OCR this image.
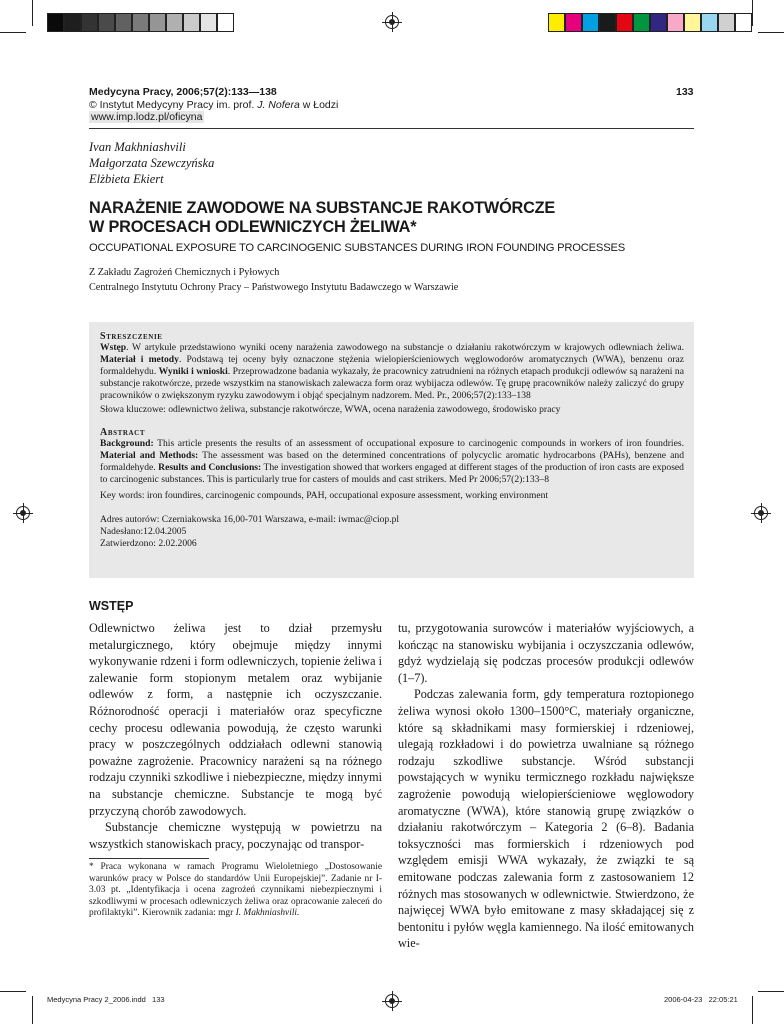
Medycyna Pracy, 2006;57(2):133—138	133
© Instytut Medycyny Pracy im. prof. J. Nofera w Łodzi
www.imp.lodz.pl/oficyna
Ivan Makhniashvili
Małgorzata Szewczyńska
Elżbieta Ekiert
NARAŻENIE ZAWODOWE NA SUBSTANCJE RAKOTWÓRCZE
W PROCESACH ODLEWNICZYCH ŻELIWA*
OCCUPATIONAL EXPOSURE TO CARCINOGENIC SUBSTANCES DURING IRON FOUNDING PROCESSES
Z Zakładu Zagrożeń Chemicznych i Pyłowych
Centralnego Instytutu Ochrony Pracy – Państwowego Instytutu Badawczego w Warszawie
Streszczenie
Wstęp. W artykule przedstawiono wyniki oceny narażenia zawodowego na substancje o działaniu rakotwórczym w krajowych odlewniach żeliwa. Materiał i metody. Podstawą tej oceny były oznaczone stężenia wielopierścieniowych węglowodorów aromatycznych (WWA), benzenu oraz formaldehydu. Wyniki i wnioski. Przeprowadzone badania wykazały, że pracownicy zatrudnieni na różnych etapach produkcji odlewów są narażeni na substancje rakotwórcze, przede wszystkim na stanowiskach zalewacza form oraz wybijacza odlewów. Tę grupę pracowników należy zaliczyć do grupy pracowników o zwiększonym ryzyku zawodowym i objąć specjalnym nadzorem. Med. Pr., 2006;57(2):133–138
Słowa kluczowe: odlewnictwo żeliwa, substancje rakotwórcze, WWA, ocena narażenia zawodowego, środowisko pracy
Abstract
Background: This article presents the results of an assessment of occupational exposure to carcinogenic compounds in workers of iron foundries. Material and Methods: The assessment was based on the determined concentrations of polycyclic aromatic hydrocarbons (PAHs), benzene and formaldehyde. Results and Conclusions: The investigation showed that workers engaged at different stages of the production of iron casts are exposed to carcinogenic substances. This is particularly true for casters of moulds and cast strikers. Med Pr 2006;57(2):133–8
Key words: iron foundires, carcinogenic compounds, PAH, occupational exposure assessment, working environment
Adres autorów: Czerniakowska 16,00-701 Warszawa, e-mail: iwmac@ciop.pl
Nadesłano:12.04.2005
Zatwierdzono: 2.02.2006
WSTĘP

Odlewnictwo żeliwa jest to dział przemysłu metalurgicznego, który obejmuje między innymi wykonywanie rdzeni i form odlewniczych, topienie żeliwa i zalewanie form stopionym metalem oraz wybijanie odlewów z form, a następnie ich oczyszczanie. Różnorodność operacji i materiałów oraz specyficzne cechy procesu odlewania powodują, że często warunki pracy w poszczególnych oddziałach odlewni stanowią poważne zagrożenie. Pracownicy narażeni są na różnego rodzaju czynniki szkodliwe i niebezpieczne, między innymi na substancje chemiczne. Substancje te mogą być przyczyną chorób zawodowych.

Substancje chemiczne występują w powietrzu na wszystkich stanowiskach pracy, poczynając od transpor-

* Praca wykonana w ramach Programu Wieloletniego „Dostosowanie warunków pracy w Polsce do standardów Unii Europejskiej”. Zadanie nr I-3.03 pt. „Identyfikacja i ocena zagrożeń czynnikami niebezpiecznymi i szkodliwymi w procesach odlewniczych żeliwa oraz opracowanie zaleceń do profilaktyki”. Kierownik zadania: mgr I. Makhniashvili.

tu, przygotowania surowców i materiałów wyjściowych, a kończąc na stanowisku wybijania i oczyszczania odlewów, gdyż wydzielają się podczas procesów produkcji odlewów (1–7).

Podczas zalewania form, gdy temperatura roztopionego żeliwa wynosi około 1300–1500°C, materiały organiczne, które są składnikami masy formierskiej i rdzeniowej, ulegają rozkładowi i do powietrza uwalniane są różnego rodzaju szkodliwe substancje. Wśród substancji powstających w wyniku termicznego rozkładu największe zagrożenie powodują wielopierścieniowe węglowodory aromatyczne (WWA), które stanowią grupę związków o działaniu rakotwórczym – Kategoria 2 (6–8). Badania toksyczności mas formierskich i rdzeniowych pod względem emisji WWA wykazały, że związki te są emitowane podczas zalewania form z zastosowaniem 12 różnych mas stosowanych w odlewnictwie. Stwierdzono, że najwięcej WWA było emitowane z masy składającej się z bentonitu i pyłów węgla kamiennego. Na ilość emitowanych wie-

Medycyna Pracy 2_2006.indd   133	2006-04-23   22:05:21
